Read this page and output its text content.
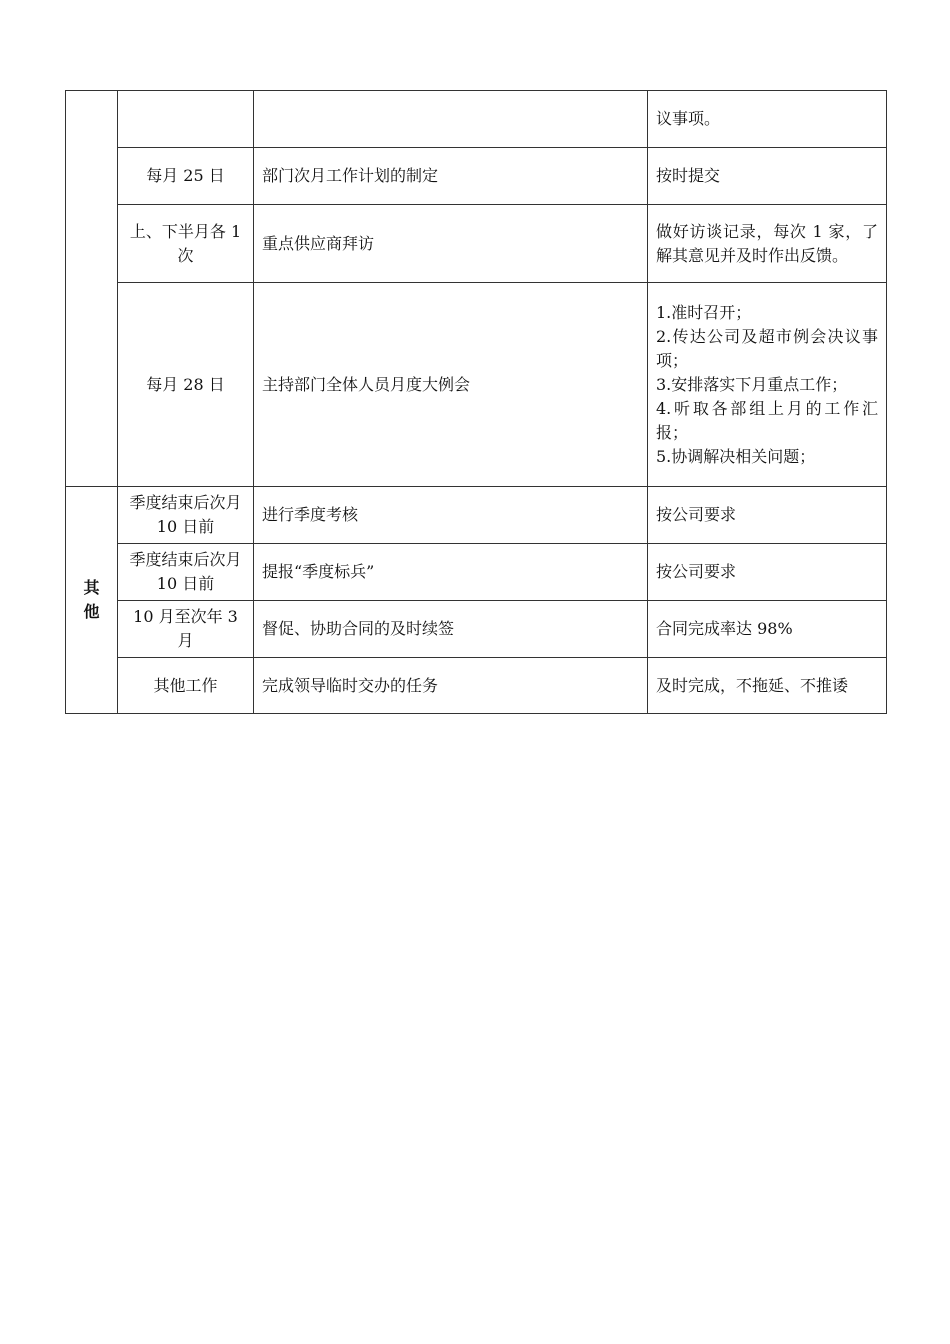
			议事项。

	每月 25 日	部门次月工作计划的制定	按时提交

	上、下半月各 1 次	重点供应商拜访	做好访谈记录，每次 1 家，了解其意见并及时作出反馈。

	每月 28 日	主持部门全体人员月度大例会	1.准时召开；
2.传达公司及超市例会决议事项；
3.安排落实下月重点工作；
4.听取各部组上月的工作汇报；
5.协调解决相关问题；

其他	季度结束后次月 10 日前	进行季度考核	按公司要求

	季度结束后次月 10 日前	提报“季度标兵”	按公司要求

	10 月至次年 3 月	督促、协助合同的及时续签	合同完成率达 98%

	其他工作	完成领导临时交办的任务	及时完成，不拖延、不推诿
